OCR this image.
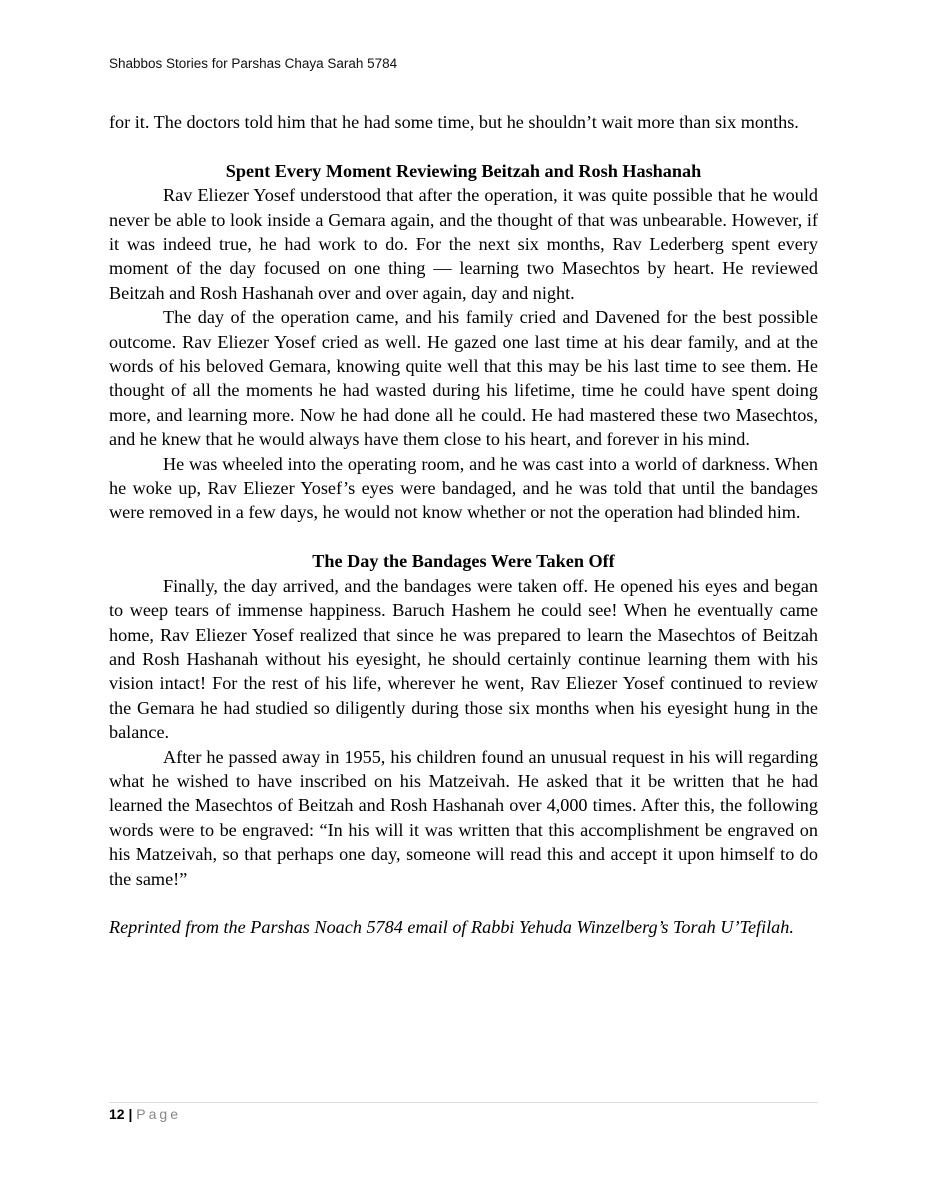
Shabbos Stories for Parshas Chaya Sarah 5784

for it. The doctors told him that he had some time, but he shouldn’t wait more than six months.

Spent Every Moment Reviewing Beitzah and Rosh Hashanah

Rav Eliezer Yosef understood that after the operation, it was quite possible that he would never be able to look inside a Gemara again, and the thought of that was unbearable. However, if it was indeed true, he had work to do. For the next six months, Rav Lederberg spent every moment of the day focused on one thing — learning two Masechtos by heart. He reviewed Beitzah and Rosh Hashanah over and over again, day and night.

The day of the operation came, and his family cried and Davened for the best possible outcome. Rav Eliezer Yosef cried as well. He gazed one last time at his dear family, and at the words of his beloved Gemara, knowing quite well that this may be his last time to see them. He thought of all the moments he had wasted during his lifetime, time he could have spent doing more, and learning more. Now he had done all he could. He had mastered these two Masechtos, and he knew that he would always have them close to his heart, and forever in his mind.

He was wheeled into the operating room, and he was cast into a world of darkness. When he woke up, Rav Eliezer Yosef’s eyes were bandaged, and he was told that until the bandages were removed in a few days, he would not know whether or not the operation had blinded him.

The Day the Bandages Were Taken Off

Finally, the day arrived, and the bandages were taken off. He opened his eyes and began to weep tears of immense happiness. Baruch Hashem he could see! When he eventually came home, Rav Eliezer Yosef realized that since he was prepared to learn the Masechtos of Beitzah and Rosh Hashanah without his eyesight, he should certainly continue learning them with his vision intact! For the rest of his life, wherever he went, Rav Eliezer Yosef continued to review the Gemara he had studied so diligently during those six months when his eyesight hung in the balance.

After he passed away in 1955, his children found an unusual request in his will regarding what he wished to have inscribed on his Matzeivah. He asked that it be written that he had learned the Masechtos of Beitzah and Rosh Hashanah over 4,000 times. After this, the following words were to be engraved: “In his will it was written that this accomplishment be engraved on his Matzeivah, so that perhaps one day, someone will read this and accept it upon himself to do the same!”

Reprinted from the Parshas Noach 5784 email of Rabbi Yehuda Winzelberg’s Torah U’Tefilah.

12 | Page
